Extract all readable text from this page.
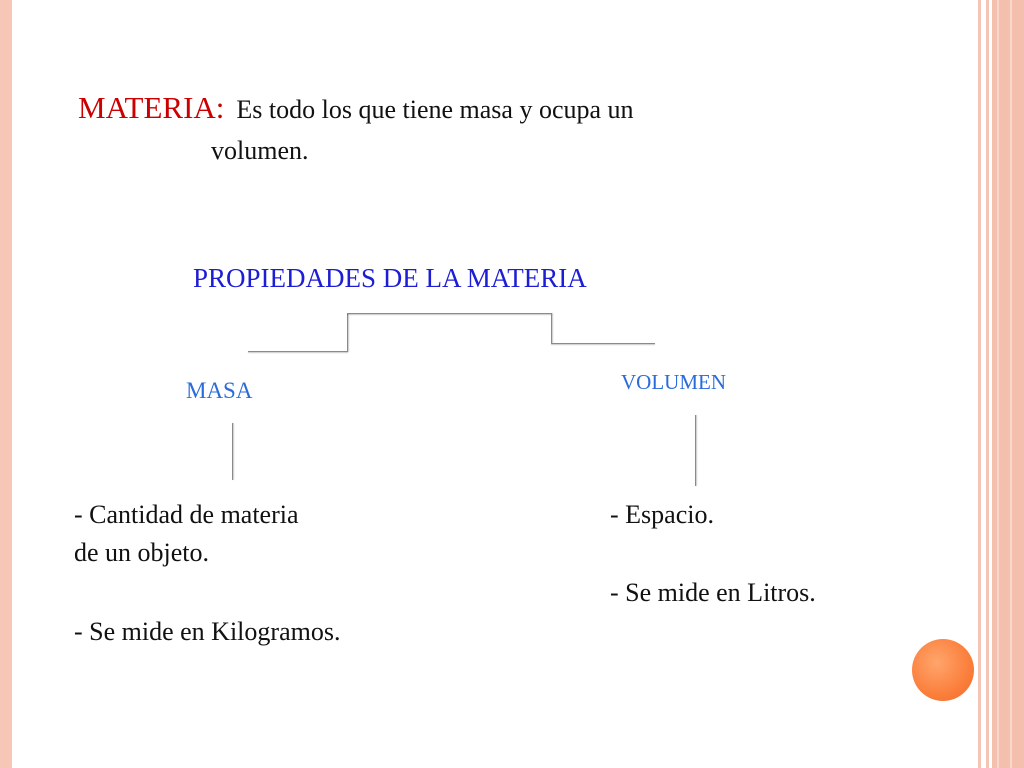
MATERIA: Es todo los que tiene masa y ocupa un
volumen.
PROPIEDADES DE LA MATERIA
MASA	VOLUMEN
- Cantidad de materia
de un objeto.
- Se mide en Kilogramos.
- Espacio.
- Se mide en Litros.
